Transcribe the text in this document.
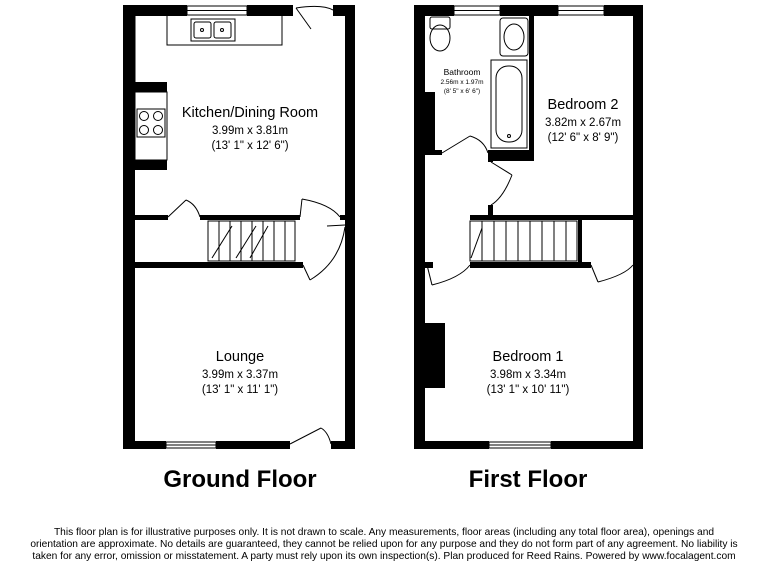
Kitchen/Dining Room
3.99m x 3.81m
(13' 1" x 12' 6")
Lounge
3.99m x 3.37m
(13' 1" x 11' 1")
Bathroom
2.56m x 1.97m
(8' 5" x 6' 6")
Bedroom 2
3.82m x 2.67m
(12' 6" x 8' 9")
Bedroom 1
3.98m x 3.34m
(13' 1" x 10' 11")
Ground Floor	First Floor
This floor plan is for illustrative purposes only. It is not drawn to scale. Any measurements, floor areas (including any total floor area), openings and orientation are approximate. No details are guaranteed, they cannot be relied upon for any purpose and they do not form part of any agreement. No liability is taken for any error, omission or misstatement. A party must rely upon its own inspection(s). Plan produced for Reed Rains. Powered by www.focalagent.com
